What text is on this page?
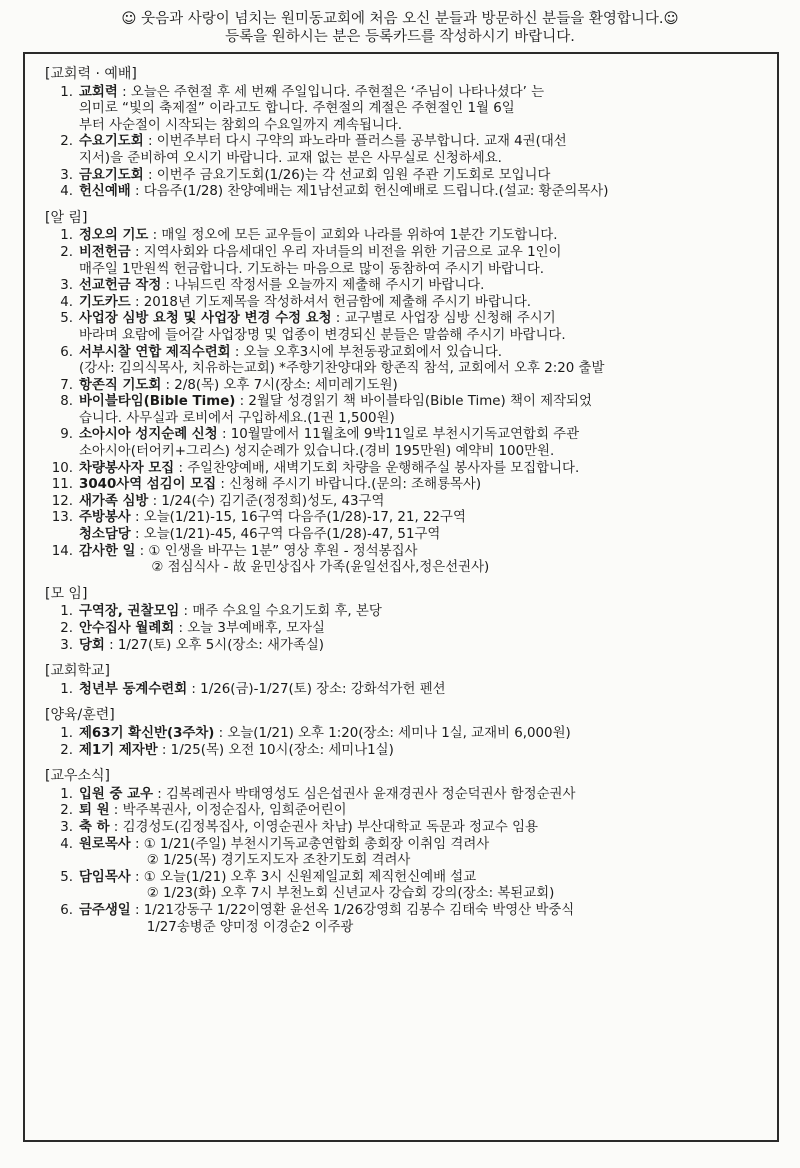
☺ 웃음과 사랑이 넘치는 원미동교회에 처음 오신 분들과 방문하신 분들을 환영합니다.☺
등록을 원하시는 분은 등록카드를 작성하시기 바랍니다.
[교회력 · 예배]
1. 교회력 : 오늘은 주현절 후 세 번째 주일입니다. 주현절은 ‘주님이 나타나셨다’ 는
의미로 “빛의 축제절” 이라고도 합니다. 주현절의 계절은 주현절인 1월 6일
부터 사순절이 시작되는 참회의 수요일까지 계속됩니다.
2. 수요기도회 : 이번주부터 다시 구약의 파노라마 플러스를 공부합니다. 교재 4권(대선
지서)을 준비하여 오시기 바랍니다. 교재 없는 분은 사무실로 신청하세요.
3. 금요기도회 : 이번주 금요기도회(1/26)는 각 선교회 임원 주관 기도회로 모입니다
4. 헌신예배 : 다음주(1/28) 찬양예배는 제1남선교회 헌신예배로 드립니다.(설교: 황준의목사)
[알 림]
1. 정오의 기도 : 매일 정오에 모든 교우들이 교회와 나라를 위하여 1분간 기도합니다.
2. 비전헌금 : 지역사회와 다음세대인 우리 자녀들의 비전을 위한 기금으로 교우 1인이
매주일 1만원씩 헌금합니다. 기도하는 마음으로 많이 동참하여 주시기 바랍니다.
3. 선교헌금 작정 : 나눠드린 작정서를 오늘까지 제출해 주시기 바랍니다.
4. 기도카드 : 2018년 기도제목을 작성하셔서 헌금함에 제출해 주시기 바랍니다.
5. 사업장 심방 요청 및 사업장 변경 수정 요청 : 교구별로 사업장 심방 신청해 주시기
바라며 요람에 들어갈 사업장명 및 업종이 변경되신 분들은 말씀해 주시기 바랍니다.
6. 서부시찰 연합 제직수련회 : 오늘 오후3시에 부천동광교회에서 있습니다.
(강사: 김의식목사, 치유하는교회) *주향기찬양대와 항존직 참석, 교회에서 오후 2:20 출발
7. 항존직 기도회 : 2/8(목) 오후 7시(장소: 세미레기도원)
8. 바이블타임(Bible Time) : 2월달 성경읽기 책 바이블타임(Bible Time) 책이 제작되었
습니다. 사무실과 로비에서 구입하세요.(1권 1,500원)
9. 소아시아 성지순례 신청 : 10월말에서 11월초에 9박11일로 부천시기독교연합회 주관
소아시아(터어키+그리스) 성지순례가 있습니다.(경비 195만원) 예약비 100만원.
10. 차량봉사자 모집 : 주일찬양예배, 새벽기도회 차량을 운행해주실 봉사자를 모집합니다.
11. 3040사역 섬김이 모집 : 신청해 주시기 바랍니다.(문의: 조해룡목사)
12. 새가족 심방 : 1/24(수) 김기준(정정희)성도, 43구역
13. 주방봉사 : 오늘(1/21)-15, 16구역 다음주(1/28)-17, 21, 22구역
청소담당 : 오늘(1/21)-45, 46구역 다음주(1/28)-47, 51구역
14. 감사한 일 : ① 인생을 바꾸는 1분” 영상 후원 - 정석봉집사
② 점심식사 - 故 윤민상집사 가족(윤일선집사,정은선권사)
[모 임]
1. 구역장, 권찰모임 : 매주 수요일 수요기도회 후, 본당
2. 안수집사 월례회 : 오늘 3부예배후, 모자실
3. 당회 : 1/27(토) 오후 5시(장소: 새가족실)
[교회학교]
1. 청년부 동계수련회 : 1/26(금)-1/27(토) 장소: 강화석가헌 펜션
[양육/훈련]
1. 제63기 확신반(3주차) : 오늘(1/21) 오후 1:20(장소: 세미나 1실, 교재비 6,000원)
2. 제1기 제자반 : 1/25(목) 오전 10시(장소: 세미나1실)
[교우소식]
1. 입원 중 교우 : 김복례권사 박태영성도 심은섭권사 윤재경권사 정순덕권사 함정순권사
2. 퇴 원 : 박주복권사, 이정순집사, 임희준어린이
3. 축 하 : 김경성도(김정복집사, 이영순권사 차남) 부산대학교 독문과 정교수 임용
4. 원로목사 : ① 1/21(주일) 부천시기독교총연합회 총회장 이취임 격려사
② 1/25(목) 경기도지도자 조찬기도회 격려사
5. 담임목사 : ① 오늘(1/21) 오후 3시 신원제일교회 제직헌신예배 설교
② 1/23(화) 오후 7시 부천노회 신년교사 강습회 강의(장소: 복된교회)
6. 금주생일 : 1/21강동구 1/22이영환 윤선옥 1/26강영희 김봉수 김태숙 박영산 박중식
1/27송병준 양미정 이경순2 이주광
